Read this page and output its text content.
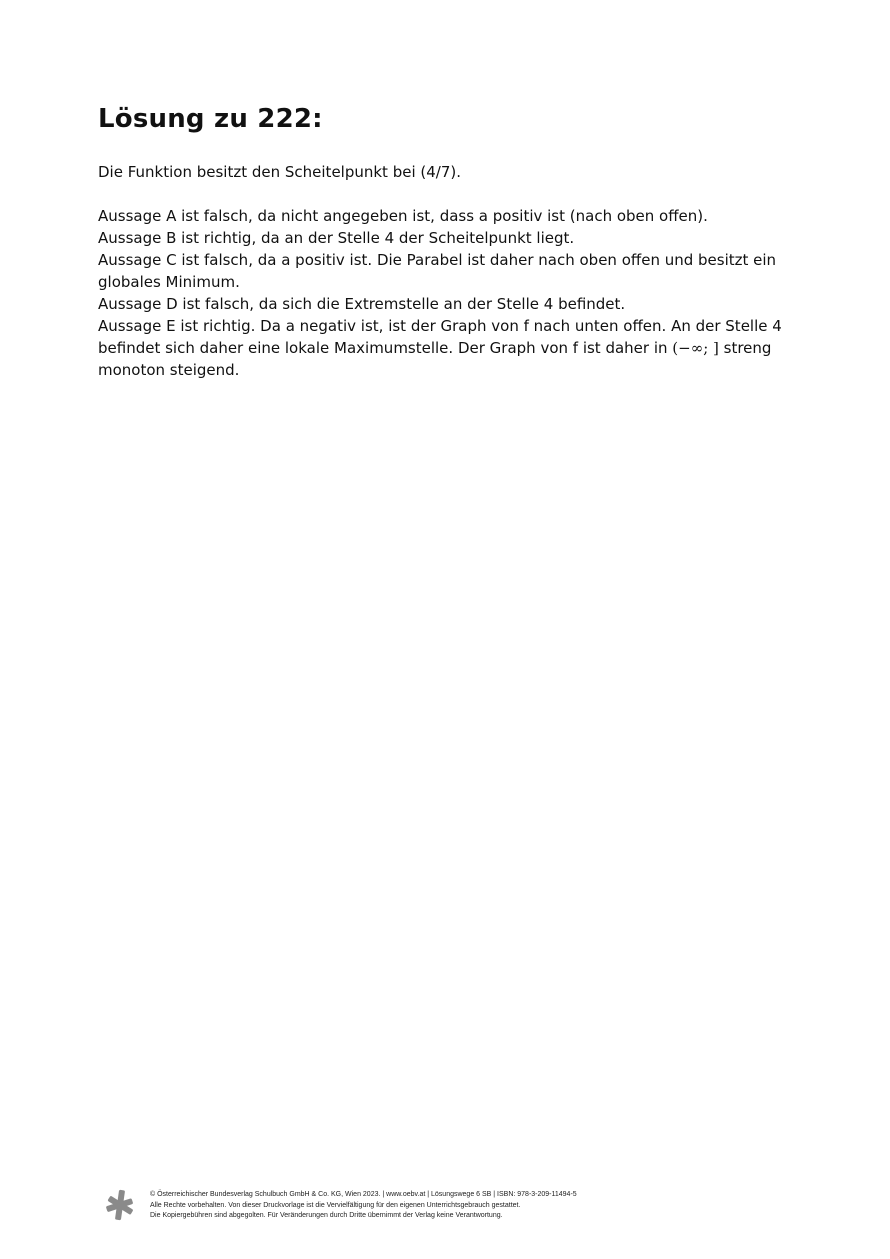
Lösung zu 222:

Die Funktion besitzt den Scheitelpunkt bei (4/7).

Aussage A ist falsch, da nicht angegeben ist, dass a positiv ist (nach oben offen).

Aussage B ist richtig, da an der Stelle 4 der Scheitelpunkt liegt.

Aussage C ist falsch, da a positiv ist. Die Parabel ist daher nach oben offen und besitzt ein globales Minimum.

Aussage D ist falsch, da sich die Extremstelle an der Stelle 4 befindet.

Aussage E ist richtig. Da a negativ ist, ist der Graph von f nach unten offen. An der Stelle 4 befindet sich daher eine lokale Maximumstelle. Der Graph von f ist daher in (−∞; ] streng monoton steigend.

© Österreichischer Bundesverlag Schulbuch GmbH & Co. KG, Wien 2023. | www.oebv.at | Lösungswege 6 SB | ISBN: 978-3-209-11494-5
Alle Rechte vorbehalten. Von dieser Druckvorlage ist die Vervielfältigung für den eigenen Unterrichtsgebrauch gestattet.
Die Kopiergebühren sind abgegolten. Für Veränderungen durch Dritte übernimmt der Verlag keine Verantwortung.
